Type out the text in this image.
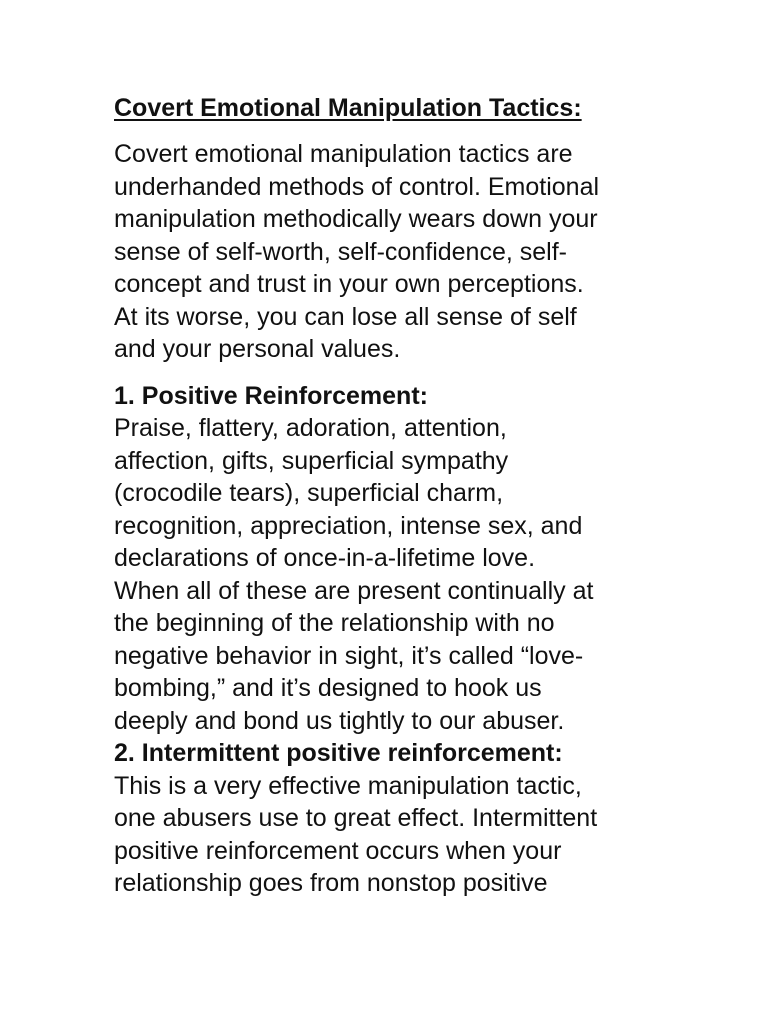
Covert Emotional Manipulation Tactics:

Covert emotional manipulation tactics are
underhanded methods of control. Emotional
manipulation methodically wears down your
sense of self-worth, self-confidence, self-
concept and trust in your own perceptions.
At its worse, you can lose all sense of self
and your personal values.

1. Positive Reinforcement:

Praise, flattery, adoration, attention,
affection, gifts, superficial sympathy
(crocodile tears), superficial charm,
recognition, appreciation, intense sex, and
declarations of once-in-a-lifetime love.
When all of these are present continually at
the beginning of the relationship with no
negative behavior in sight, it’s called “love-
bombing,” and it’s designed to hook us
deeply and bond us tightly to our abuser.

2. Intermittent positive reinforcement:

This is a very effective manipulation tactic,
one abusers use to great effect. Intermittent
positive reinforcement occurs when your
relationship goes from nonstop positive
